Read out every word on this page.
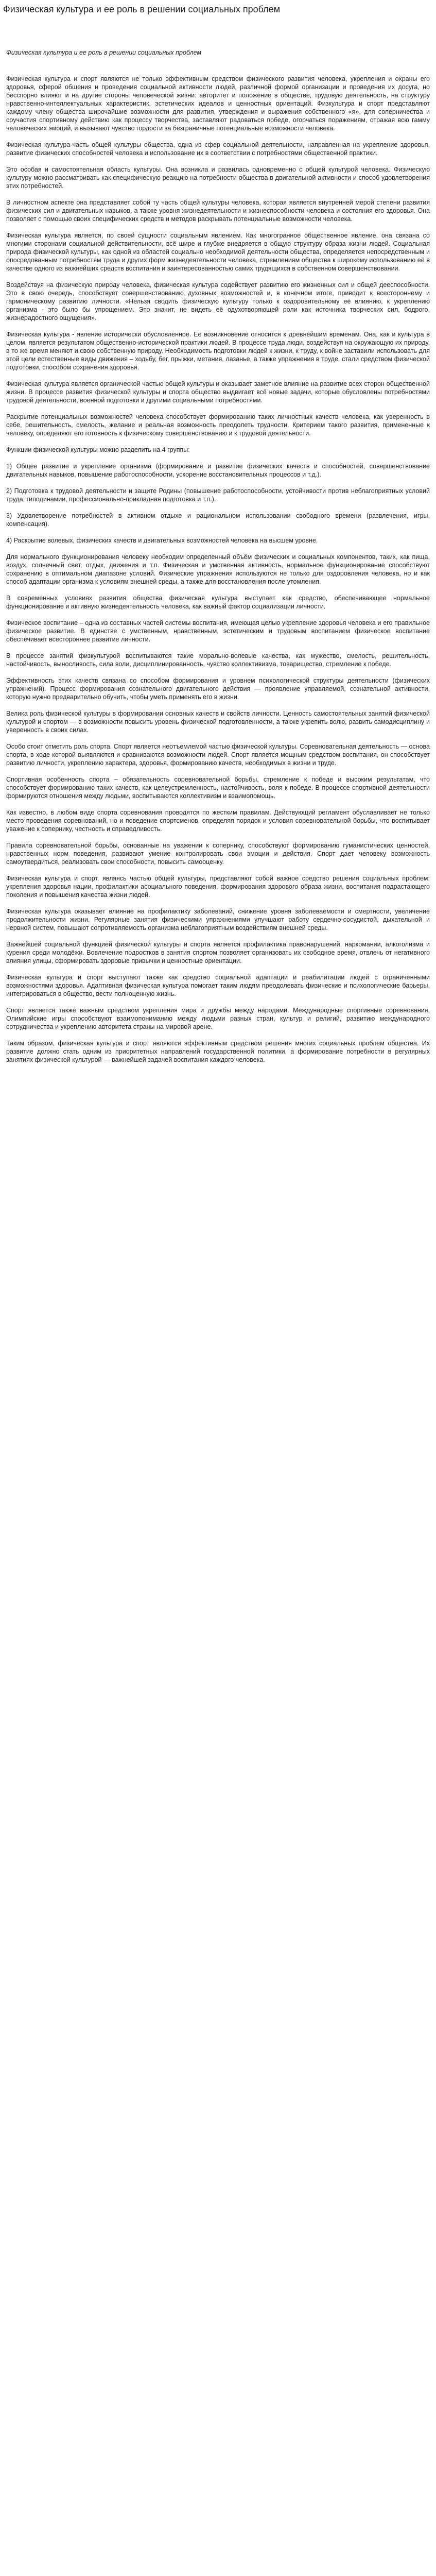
Физическая культура и ее роль в решении социальных проблем

Физическая культура и ее роль в решении социальных проблем

Физическая культура и спорт являются не только эффективным средством физического развития человека, укрепления и охраны его здоровья, сферой общения и проведения социальной активности людей, различной формой организации и проведения их досуга, но бесспорно влияют и на другие стороны человеческой жизни: авторитет и положение в обществе, трудовую деятельность, на структуру нравственно-интеллектуальных характеристик, эстетических идеалов и ценностных ориентаций. Физкультура и спорт представляют каждому члену общества широчайшие возможности для развития, утверждения и выражения собственного «я», для соперничества и соучастия спортивному действию как процессу творчества, заставляют радоваться победе, огорчаться поражениям, отражая всю гамму человеческих эмоций, и вызывают чувство гордости за безграничные потенциальные возможности человека.

Физическая культура-часть общей культуры общества, одна из сфер социальной деятельности, направленная на укрепление здоровья, развитие физических способностей человека и использование их в соответствии с потребностями общественной практики.

Это особая и самостоятельная область культуры. Она возникла и развилась одновременно с общей культурой человека. Физическую культуру можно рассматривать как специфическую реакцию на потребности общества в двигательной активности и способ удовлетворения этих потребностей.

В личностном аспекте она представляет собой ту часть общей культуры человека, которая является внутренней мерой степени развития физических сил и двигательных навыков, а также уровня жизнедеятельности и жизнеспособности человека и состояния его здоровья. Она позволяет с помощью своих специфических средств и методов раскрывать потенциальные возможности человека.

Физическая культура является, по своей сущности социальным явлением. Как многогранное общественное явление, она связана со многими сторонами социальной действительности, всё шире и глубже внедряется в общую структуру образа жизни людей. Социальная природа физической культуры, как одной из областей социально необходимой деятельности общества, определяется непосредственным и опосредованным потребностям труда и других форм жизнедеятельности человека, стремлениям общества к широкому использованию её в качестве одного из важнейших средств воспитания и заинтересованностью самих трудящихся в собственном совершенствовании.

Воздействуя на физическую природу человека, физическая культура содействует развитию его жизненных сил и общей дееспособности. Это в свою очередь, способствует совершенствованию духовных возможностей и, в конечном итоге, приводит к всестороннему и гармоническому развитию личности. «Нельзя сводить физическую культуру только к оздоровительному её влиянию, к укреплению организма - это было бы упрощением. Это значит, не видеть её одухотворяющей роли как источника творческих сил, бодрого, жизнерадостного ощущения».

Физическая культура - явление исторически обусловленное. Её возникновение относится к древнейшим временам. Она, как и культура в целом, является результатом общественно-исторической практики людей. В процессе труда люди, воздействуя на окружающую их природу, в то же время меняют и свою собственную природу. Необходимость подготовки людей к жизни, к труду, к войне заставили использовать для этой цели естественные виды движения – ходьбу, бег, прыжки, метания, лазанье, а также упражнения в труде, стали средством физической подготовки, способом сохранения здоровья.

Физическая культура является органической частью общей культуры и оказывает заметное влияние на развитие всех сторон общественной жизни. В процессе развития физической культуры и спорта общество выдвигает всё новые задачи, которые обусловлены потребностями трудовой деятельности, военной подготовки и другими социальными потребностями.

Раскрытие потенциальных возможностей человека способствует формированию таких личностных качеств человека, как уверенность в себе, решительность, смелость, желание и реальная возможность преодолеть трудности. Критерием такого развития, примененные к человеку, определяют его готовность к физическому совершенствованию и к трудовой деятельности.

Функции физической культуры можно разделить на 4 группы:

1) Общее развитие и укрепление организма (формирование и развитие физических качеств и способностей, совершенствование двигательных навыков, повышение работоспособности, ускорение восстановительных процессов и т.д.).

2) Подготовка к трудовой деятельности и защите Родины (повышение работоспособности, устойчивости против неблагоприятных условий труда, гиподинамии, профессионально-прикладная подготовка и т.п.).

3) Удовлетворение потребностей в активном отдыхе и рациональном использовании свободного времени (развлечения, игры, компенсация).

4) Раскрытие волевых, физических качеств и двигательных возможностей человека на высшем уровне.

Для нормального функционирования человеку необходим определенный объём физических и социальных компонентов, таких, как пища, воздух, солнечный свет, отдых, движения и т.п. Физическая и умственная активность, нормальное функционирование способствуют сохранению в оптимальном диапазоне условий. Физические упражнения используются не только для оздоровления человека, но и как способ адаптации организма к условиям внешней среды, а также для восстановления после утомления.

В современных условиях развития общества физическая культура выступает как средство, обеспечивающее нормальное функционирование и активную жизнедеятельность человека, как важный фактор социализации личности.

Физическое воспитание – одна из составных частей системы воспитания, имеющая целью укрепление здоровья человека и его правильное физическое развитие. В единстве с умственным, нравственным, эстетическим и трудовым воспитанием физическое воспитание обеспечивает всестороннее развитие личности.

В процессе занятий физкультурой воспитываются такие морально-волевые качества, как мужество, смелость, решительность, настойчивость, выносливость, сила воли, дисциплинированность, чувство коллективизма, товарищество, стремление к победе.

Эффективность этих качеств связана со способом формирования и уровнем психологической структуры деятельности (физических упражнений). Процесс формирования сознательного двигательного действия — проявление управляемой, сознательной активности, которую нужно предварительно обучить, чтобы уметь применять его в жизни.

Велика роль физической культуры в формировании основных качеств и свойств личности. Ценность самостоятельных занятий физической культурой и спортом — в возможности повысить уровень физической подготовленности, а также укрепить волю, развить самодисциплину и уверенность в своих силах.

Особо стоит отметить роль спорта. Спорт является неотъемлемой частью физической культуры. Соревновательная деятельность — основа спорта, в ходе которой выявляются и сравниваются возможности людей. Спорт является мощным средством воспитания, он способствует развитию личности, укреплению характера, здоровья, формированию качеств, необходимых в жизни и труде.

Спортивная особенность спорта – обязательность соревновательной борьбы, стремление к победе и высоким результатам, что способствует формированию таких качеств, как целеустремленность, настойчивость, воля к победе. В процессе спортивной деятельности формируются отношения между людьми, воспитываются коллективизм и взаимопомощь.

Как известно, в любом виде спорта соревнования проводятся по жестким правилам. Действующий регламент обуславливает не только место проведения соревнований, но и поведение спортсменов, определяя порядок и условия соревновательной борьбы, что воспитывает уважение к сопернику, честность и справедливость.

Правила соревновательной борьбы, основанные на уважении к сопернику, способствуют формированию гуманистических ценностей, нравственных норм поведения, развивают умение контролировать свои эмоции и действия. Спорт дает человеку возможность самоутвердиться, реализовать свои способности, повысить самооценку.

Физическая культура и спорт, являясь частью общей культуры, представляют собой важное средство решения социальных проблем: укрепления здоровья нации, профилактики асоциального поведения, формирования здорового образа жизни, воспитания подрастающего поколения и повышения качества жизни людей.

Физическая культура оказывает влияние на профилактику заболеваний, снижение уровня заболеваемости и смертности, увеличение продолжительности жизни. Регулярные занятия физическими упражнениями улучшают работу сердечно-сосудистой, дыхательной и нервной систем, повышают сопротивляемость организма неблагоприятным воздействиям внешней среды.

Важнейшей социальной функцией физической культуры и спорта является профилактика правонарушений, наркомании, алкоголизма и курения среди молодёжи. Вовлечение подростков в занятия спортом позволяет организовать их свободное время, отвлечь от негативного влияния улицы, сформировать здоровые привычки и ценностные ориентации.

Физическая культура и спорт выступают также как средство социальной адаптации и реабилитации людей с ограниченными возможностями здоровья. Адаптивная физическая культура помогает таким людям преодолевать физические и психологические барьеры, интегрироваться в общество, вести полноценную жизнь.

Спорт является также важным средством укрепления мира и дружбы между народами. Международные спортивные соревнования, Олимпийские игры способствуют взаимопониманию между людьми разных стран, культур и религий, развитию международного сотрудничества и укреплению авторитета страны на мировой арене.

Таким образом, физическая культура и спорт являются эффективным средством решения многих социальных проблем общества. Их развитие должно стать одним из приоритетных направлений государственной политики, а формирование потребности в регулярных занятиях физической культурой — важнейшей задачей воспитания каждого человека.
